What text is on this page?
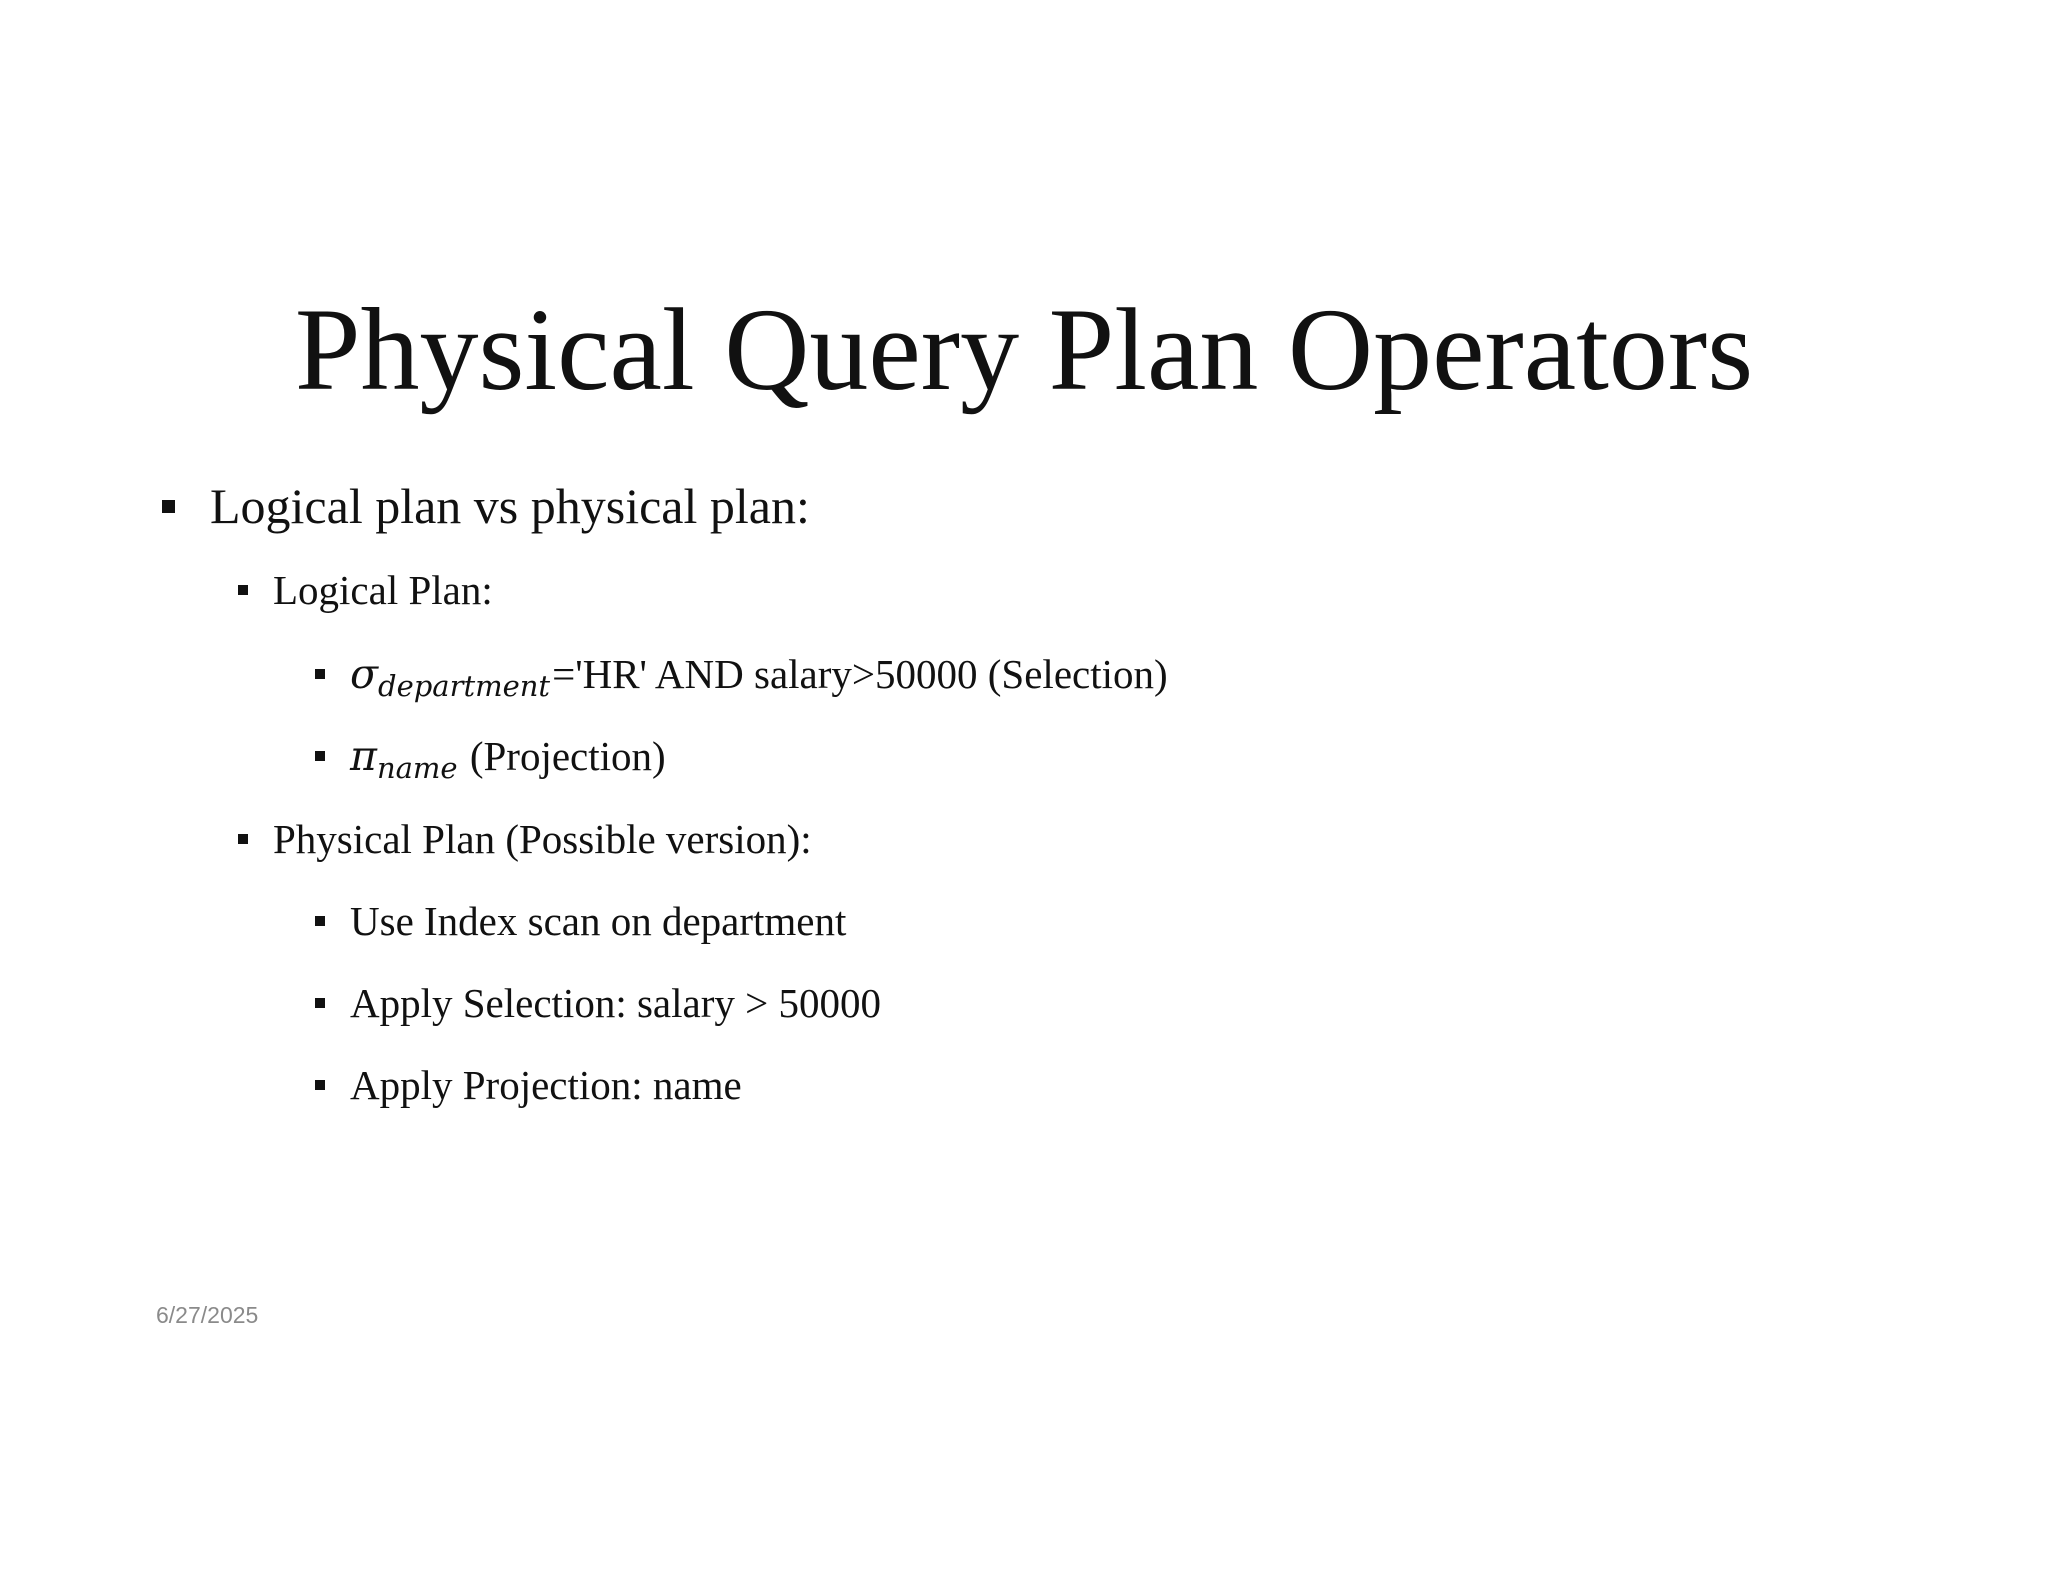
Physical Query Plan Operators
Logical plan vs physical plan:
Logical Plan:
σ department ='HR' AND salary>50000 (Selection)
π name (Projection)
Physical Plan (Possible version):
Use Index scan on department
Apply Selection: salary > 50000
Apply Projection: name
6/27/2025
